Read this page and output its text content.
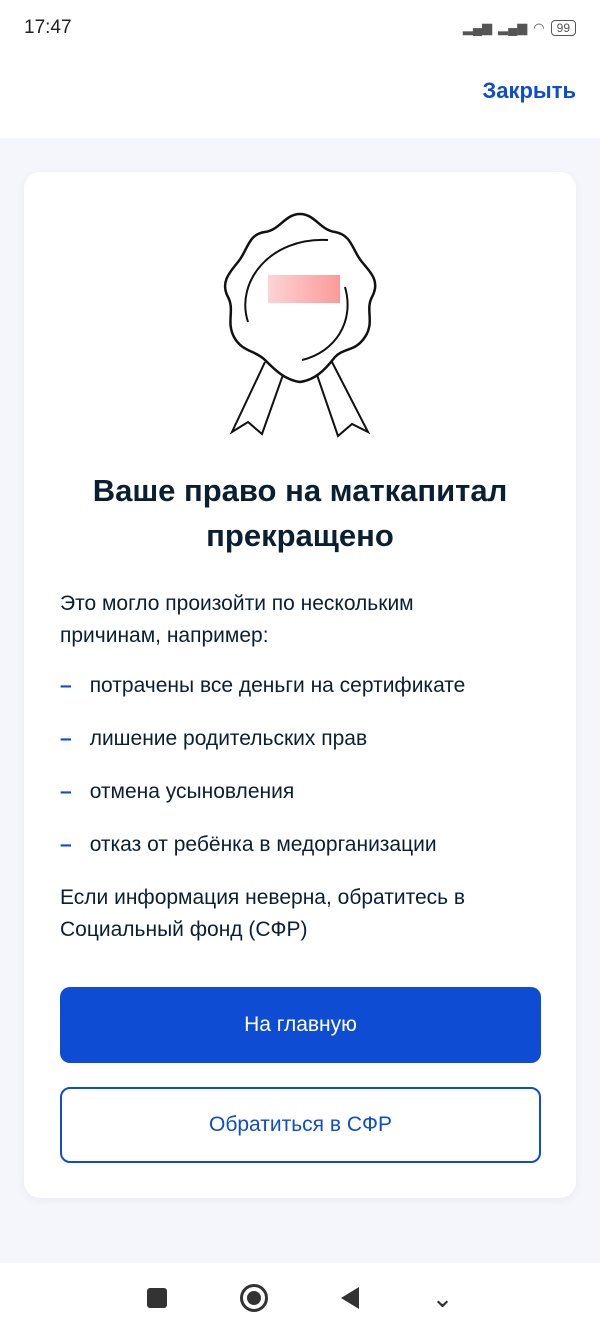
17:47	▂▄▆ ▂▄▆ ◠	99
Закрыть
Ваше право на маткапитал прекращено

Это могло произойти по нескольким причинам, например:

– потрачены все деньги на сертификате
– лишение родительских прав
– отмена усыновления
– отказ от ребёнка в медорганизации

Если информация неверна, обратитесь в Социальный фонд (СФР)

На главную
Обратиться в СФР
⌄
